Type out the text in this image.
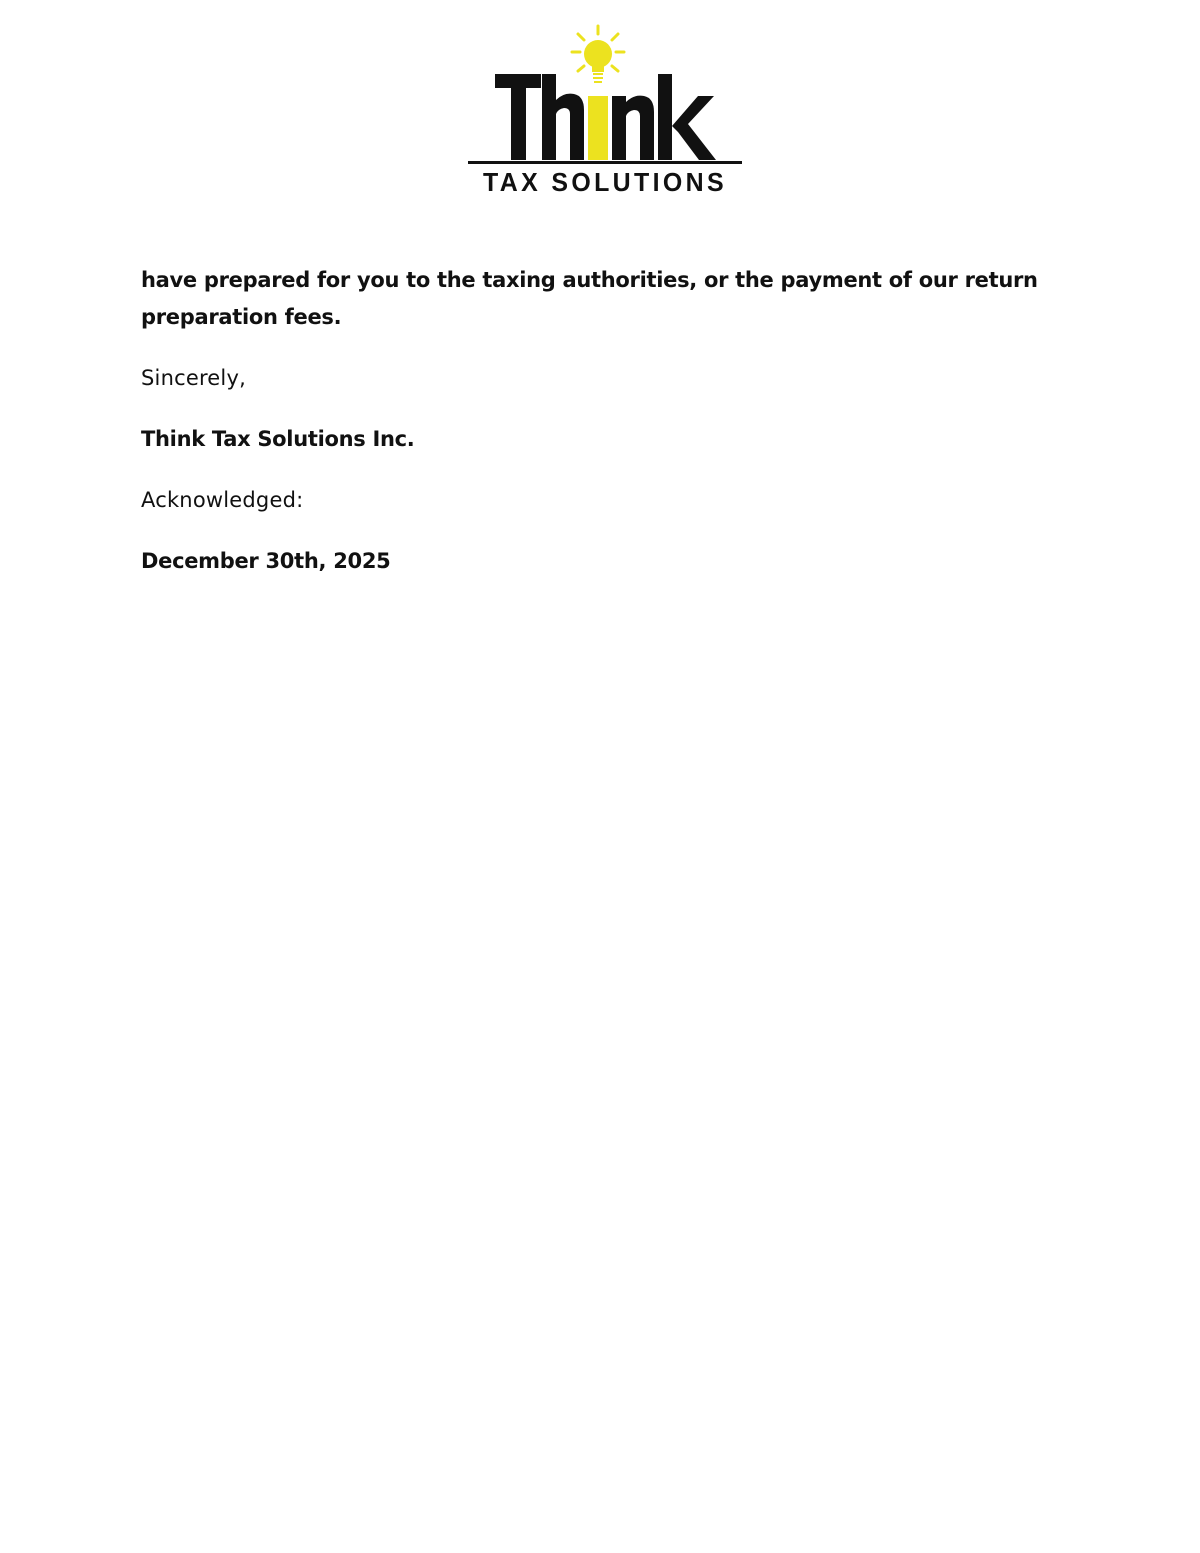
TAX SOLUTIONS

have prepared for you to the taxing authorities, or the payment of our return preparation fees.

Sincerely,

Think Tax Solutions Inc.

Acknowledged:

December 30th, 2025
